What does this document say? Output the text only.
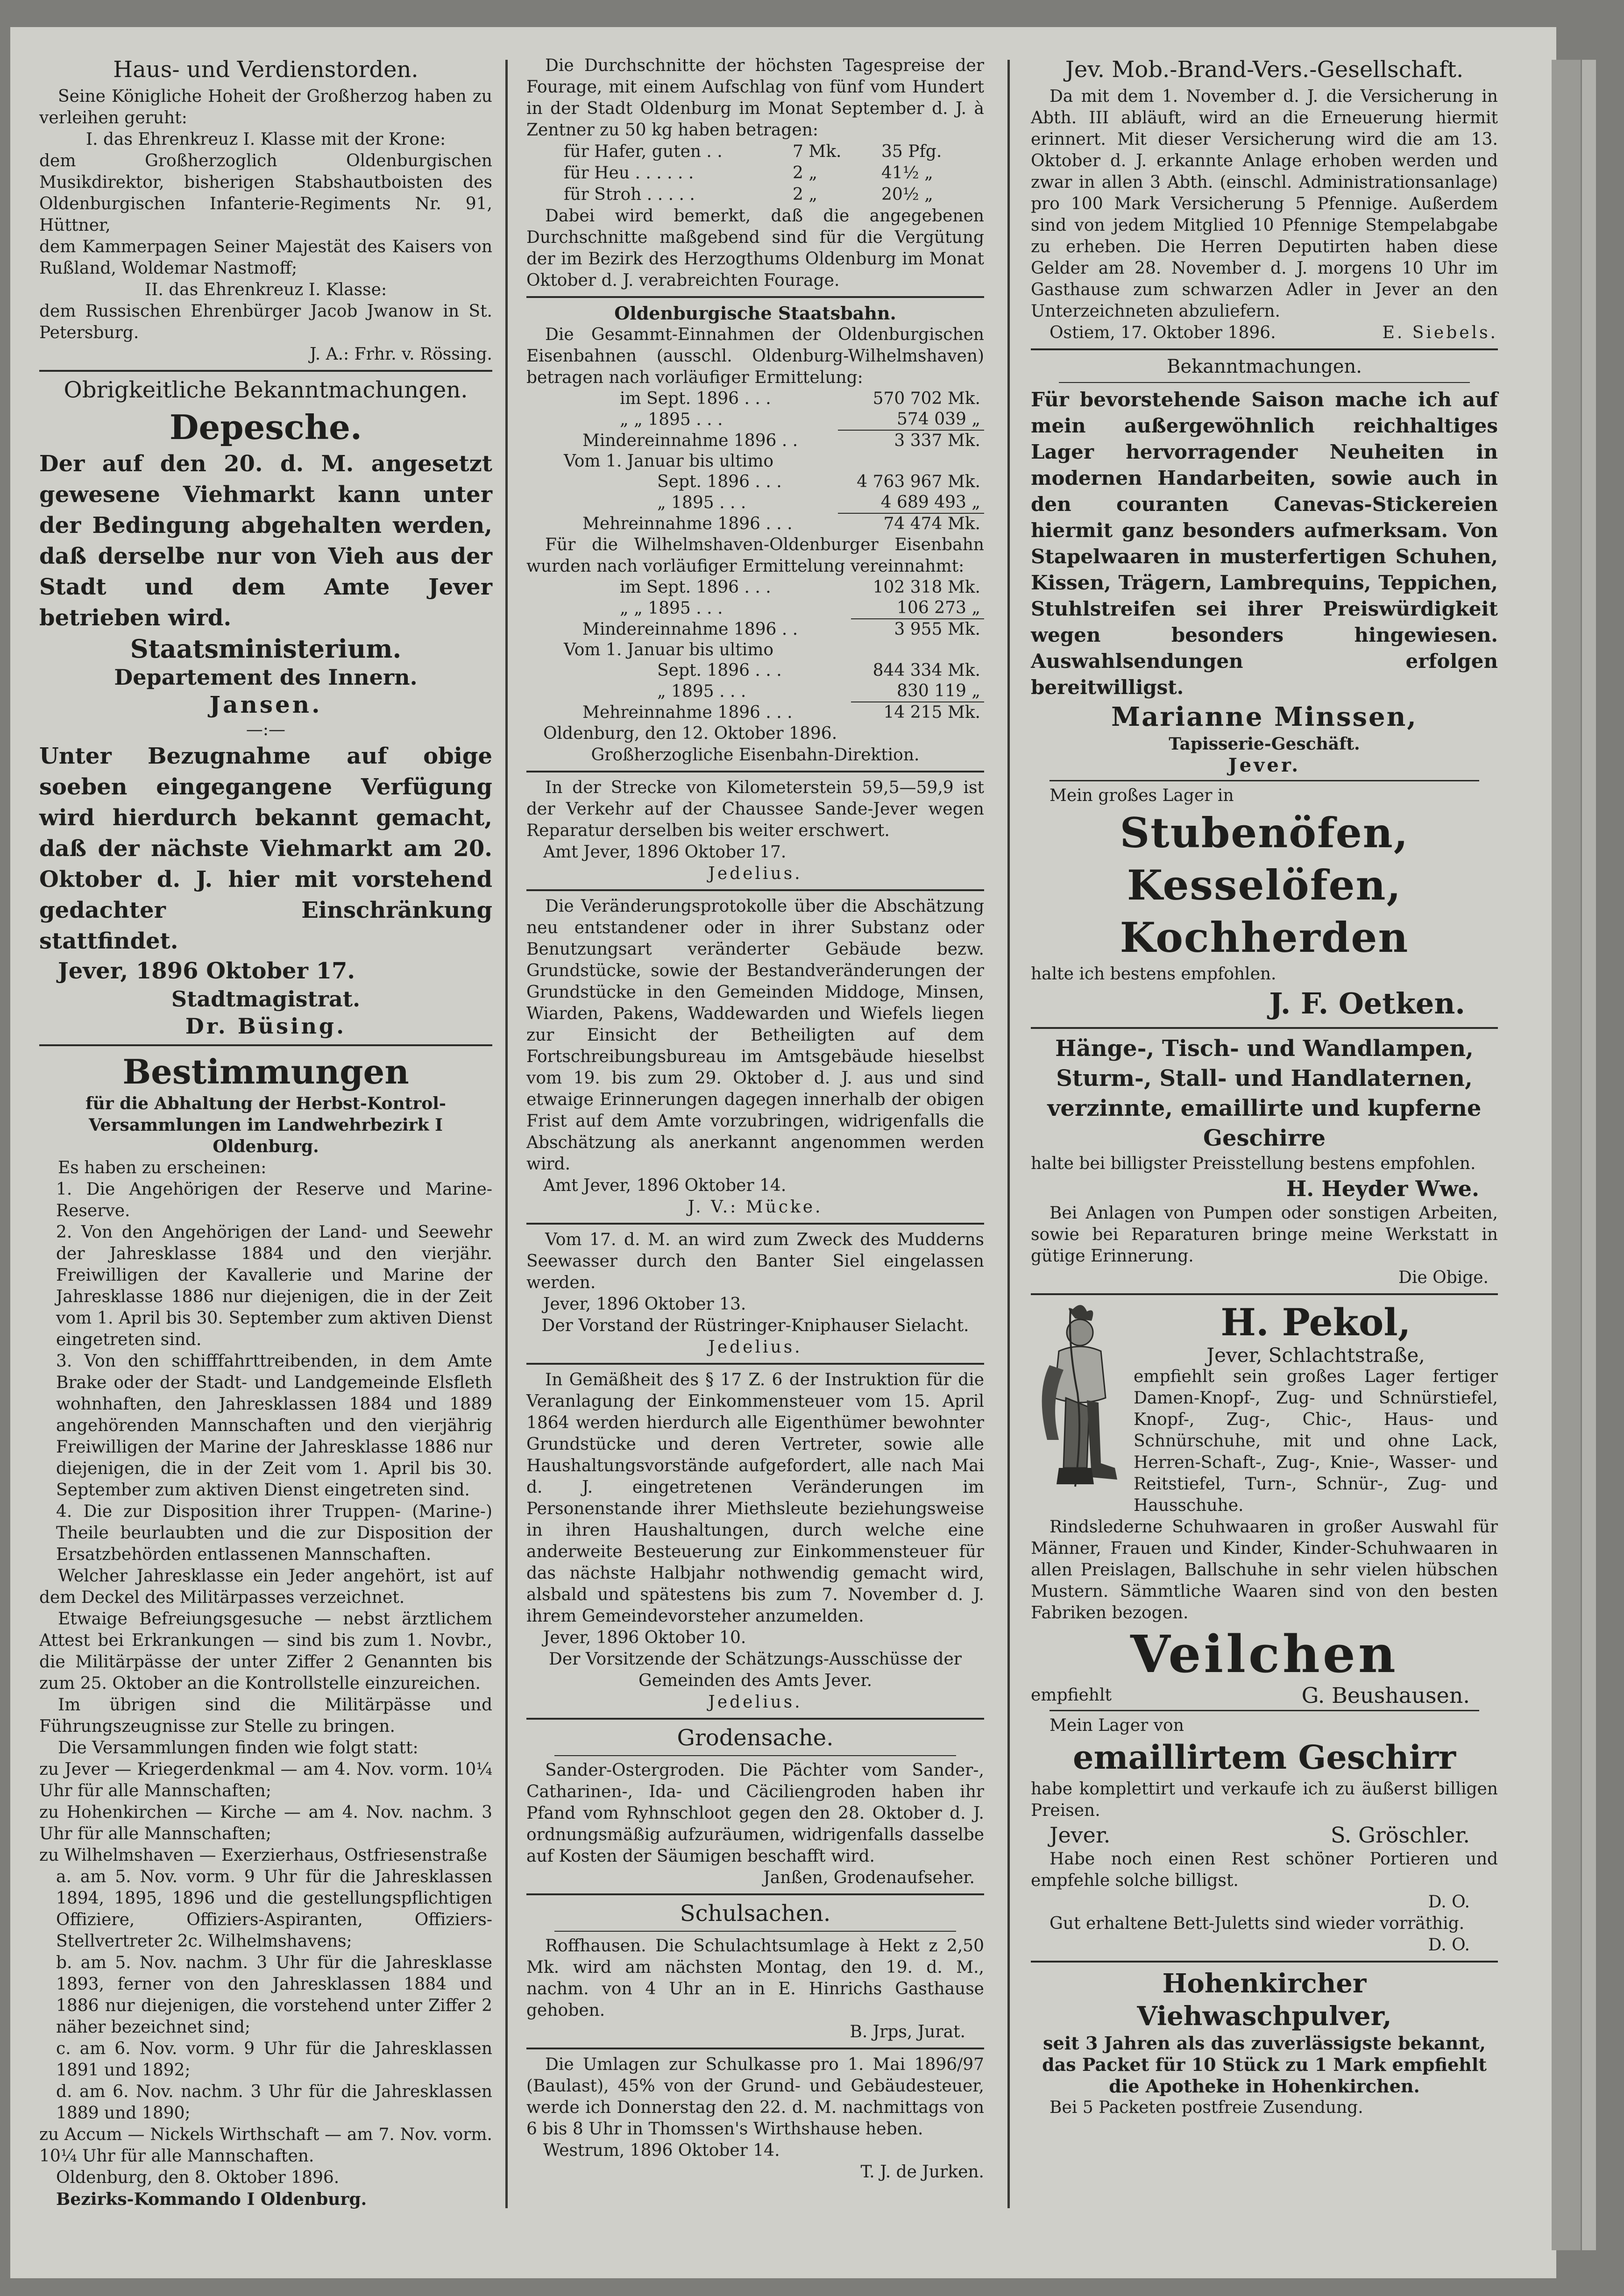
Haus- und Verdienstorden.

Seine Königliche Hoheit der Großherzog haben zu verleihen geruht:

I. das Ehrenkreuz I. Klasse mit der Krone:

dem Großherzoglich Oldenburgischen Musikdirektor, bisherigen Stabshautboisten des Oldenburgischen Infanterie-Regiments Nr. 91, Hüttner,

dem Kammerpagen Seiner Majestät des Kaisers von Rußland, Woldemar Nastmoff;

II. das Ehrenkreuz I. Klasse:

dem Russischen Ehrenbürger Jacob Jwanow in St. Petersburg.

J. A.: Frhr. v. Rössing.

Obrigkeitliche Bekanntmachungen.
Depesche.

Der auf den 20. d. M. angesetzt gewesene Viehmarkt kann unter der Bedingung abgehalten werden, daß derselbe nur von Vieh aus der Stadt und dem Amte Jever betrieben wird.

Staatsministerium.
Departement des Innern.
Jansen.
—:—

Unter Bezugnahme auf obige soeben eingegangene Verfügung wird hierdurch bekannt gemacht, daß der nächste Viehmarkt am 20. Oktober d. J. hier mit vorstehend gedachter Einschränkung stattfindet.

Jever, 1896 Oktober 17.

Stadtmagistrat.
Dr. Büsing.
Bestimmungen

für die Abhaltung der Herbst-Kontrol-Versammlungen im Landwehrbezirk I Oldenburg.

Es haben zu erscheinen:

1. Die Angehörigen der Reserve und Marine-Reserve.

2. Von den Angehörigen der Land- und Seewehr der Jahresklasse 1884 und den vierjähr. Freiwilligen der Kavallerie und Marine der Jahresklasse 1886 nur diejenigen, die in der Zeit vom 1. April bis 30. September zum aktiven Dienst eingetreten sind.

3. Von den schifffahrttreibenden, in dem Amte Brake oder der Stadt- und Landgemeinde Elsfleth wohnhaften, den Jahresklassen 1884 und 1889 angehörenden Mannschaften und den vierjährig Freiwilligen der Marine der Jahresklasse 1886 nur diejenigen, die in der Zeit vom 1. April bis 30. September zum aktiven Dienst eingetreten sind.

4. Die zur Disposition ihrer Truppen- (Marine-) Theile beurlaubten und die zur Disposition der Ersatzbehörden entlassenen Mannschaften.

Welcher Jahresklasse ein Jeder angehört, ist auf dem Deckel des Militärpasses verzeichnet.

Etwaige Befreiungsgesuche — nebst ärztlichem Attest bei Erkrankungen — sind bis zum 1. Novbr., die Militärpässe der unter Ziffer 2 Genannten bis zum 25. Oktober an die Kontrollstelle einzureichen.

Im übrigen sind die Militärpässe und Führungszeugnisse zur Stelle zu bringen.

Die Versammlungen finden wie folgt statt:

zu Jever — Kriegerdenkmal — am 4. Nov. vorm. 10¼ Uhr für alle Mannschaften;

zu Hohenkirchen — Kirche — am 4. Nov. nachm. 3 Uhr für alle Mannschaften;

zu Wilhelmshaven — Exerzierhaus, Ostfriesenstraße

a. am 5. Nov. vorm. 9 Uhr für die Jahresklassen 1894, 1895, 1896 und die gestellungspflichtigen Offiziere, Offiziers-Aspiranten, Offiziers-Stellvertreter 2c. Wilhelmshavens;

b. am 5. Nov. nachm. 3 Uhr für die Jahresklasse 1893, ferner von den Jahresklassen 1884 und 1886 nur diejenigen, die vorstehend unter Ziffer 2 näher bezeichnet sind;

c. am 6. Nov. vorm. 9 Uhr für die Jahresklassen 1891 und 1892;

d. am 6. Nov. nachm. 3 Uhr für die Jahresklassen 1889 und 1890;

zu Accum — Nickels Wirthschaft — am 7. Nov. vorm. 10¼ Uhr für alle Mannschaften.

Oldenburg, den 8. Oktober 1896.

Bezirks-Kommando I Oldenburg.

Die Durchschnitte der höchsten Tagespreise der Fourage, mit einem Aufschlag von fünf vom Hundert in der Stadt Oldenburg im Monat September d. J. à Zentner zu 50 kg haben betragen:

für Hafer, guten . .	7 Mk.	35 Pfg.
für Heu . . . . . .	2 „	41½ „
für Stroh . . . . .	2 „	20½ „

Dabei wird bemerkt, daß die angegebenen Durchschnitte maßgebend sind für die Vergütung der im Bezirk des Herzogthums Oldenburg im Monat Oktober d. J. verabreichten Fourage.

Oldenburgische Staatsbahn.

Die Gesammt-Einnahmen der Oldenburgischen Eisenbahnen (ausschl. Oldenburg-Wilhelmshaven) betragen nach vorläufiger Ermittelung:

im Sept. 1896 . . .	570 702 Mk.
„ „ 1895 . . .	574 039 „
Mindereinnahme 1896 . .	3 337 Mk.
Vom 1. Januar bis ultimo	
Sept. 1896 . . .	4 763 967 Mk.
„ 1895 . . .	4 689 493 „
Mehreinnahme 1896 . . .	74 474 Mk.

Für die Wilhelmshaven-Oldenburger Eisenbahn wurden nach vorläufiger Ermittelung vereinnahmt:

im Sept. 1896 . . .	102 318 Mk.
„ „ 1895 . . .	106 273 „
Mindereinnahme 1896 . .	3 955 Mk.
Vom 1. Januar bis ultimo	
Sept. 1896 . . .	844 334 Mk.
„ 1895 . . .	830 119 „
Mehreinnahme 1896 . . .	14 215 Mk.

Oldenburg, den 12. Oktober 1896.

Großherzogliche Eisenbahn-Direktion.

In der Strecke von Kilometerstein 59,5—59,9 ist der Verkehr auf der Chaussee Sande-Jever wegen Reparatur derselben bis weiter erschwert.

Amt Jever, 1896 Oktober 17.

Jedelius.

Die Veränderungsprotokolle über die Abschätzung neu entstandener oder in ihrer Substanz oder Benutzungsart veränderter Gebäude bezw. Grundstücke, sowie der Bestandveränderungen der Grundstücke in den Gemeinden Middoge, Minsen, Wiarden, Pakens, Waddewarden und Wiefels liegen zur Einsicht der Betheiligten auf dem Fortschreibungsbureau im Amtsgebäude hieselbst vom 19. bis zum 29. Oktober d. J. aus und sind etwaige Erinnerungen dagegen innerhalb der obigen Frist auf dem Amte vorzubringen, widrigenfalls die Abschätzung als anerkannt angenommen werden wird.

Amt Jever, 1896 Oktober 14.

J. V.: Mücke.

Vom 17. d. M. an wird zum Zweck des Mudderns Seewasser durch den Banter Siel eingelassen werden.

Jever, 1896 Oktober 13.

Der Vorstand der Rüstringer-Kniphauser Sielacht.

Jedelius.

In Gemäßheit des § 17 Z. 6 der Instruktion für die Veranlagung der Einkommensteuer vom 15. April 1864 werden hierdurch alle Eigenthümer bewohnter Grundstücke und deren Vertreter, sowie alle Haushaltungsvorstände aufgefordert, alle nach Mai d. J. eingetretenen Veränderungen im Personenstande ihrer Miethsleute beziehungsweise in ihren Haushaltungen, durch welche eine anderweite Besteuerung zur Einkommensteuer für das nächste Halbjahr nothwendig gemacht wird, alsbald und spätestens bis zum 7. November d. J. ihrem Gemeindevorsteher anzumelden.

Jever, 1896 Oktober 10.

Der Vorsitzende der Schätzungs-Ausschüsse der Gemeinden des Amts Jever.

Jedelius.

Grodensache.

Sander-Ostergroden. Die Pächter vom Sander-, Catharinen-, Ida- und Cäciliengroden haben ihr Pfand vom Ryhnschloot gegen den 28. Oktober d. J. ordnungsmäßig aufzuräumen, widrigenfalls dasselbe auf Kosten der Säumigen beschafft wird.

Janßen, Grodenaufseher.

Schulsachen.

Roffhausen. Die Schulachtsumlage à Hekt z 2,50 Mk. wird am nächsten Montag, den 19. d. M., nachm. von 4 Uhr an in E. Hinrichs Gasthause gehoben.

B. Jrps, Jurat.

Die Umlagen zur Schulkasse pro 1. Mai 1896/97 (Baulast), 45% von der Grund- und Gebäudesteuer, werde ich Donnerstag den 22. d. M. nachmittags von 6 bis 8 Uhr in Thomssen's Wirthshause heben.

Westrum, 1896 Oktober 14.

T. J. de Jurken.

Jev. Mob.-Brand-Vers.-Gesellschaft.

Da mit dem 1. November d. J. die Versicherung in Abth. III abläuft, wird an die Erneuerung hiermit erinnert. Mit dieser Versicherung wird die am 13. Oktober d. J. erkannte Anlage erhoben werden und zwar in allen 3 Abth. (einschl. Administrationsanlage) pro 100 Mark Versicherung 5 Pfennige. Außerdem sind von jedem Mitglied 10 Pfennige Stempelabgabe zu erheben. Die Herren Deputirten haben diese Gelder am 28. November d. J. morgens 10 Uhr im Gasthause zum schwarzen Adler in Jever an den Unterzeichneten abzuliefern.

Ostiem, 17. Oktober 1896.	E. Siebels.
Bekanntmachungen.

Für bevorstehende Saison mache ich auf mein außergewöhnlich reichhaltiges Lager hervorragender Neuheiten in modernen Handarbeiten, sowie auch in den couranten Canevas-Stickereien hiermit ganz besonders aufmerksam. Von Stapelwaaren in musterfertigen Schuhen, Kissen, Trägern, Lambrequins, Teppichen, Stuhlstreifen sei ihrer Preiswürdigkeit wegen besonders hingewiesen. Auswahlsendungen erfolgen bereitwilligst.

Marianne Minssen,
Tapisserie-Geschäft.
Jever.

Mein großes Lager in

Stubenöfen,
Kesselöfen,
Kochherden

halte ich bestens empfohlen.

J. F. Oetken.

Hänge-, Tisch- und Wandlampen, Sturm-, Stall- und Handlaternen, verzinnte, emaillirte und kupferne Geschirre

halte bei billigster Preisstellung bestens empfohlen.

H. Heyder Wwe.

Bei Anlagen von Pumpen oder sonstigen Arbeiten, sowie bei Reparaturen bringe meine Werkstatt in gütige Erinnerung.

Die Obige.

H. Pekol,
Jever, Schlachtstraße,

empfiehlt sein großes Lager fertiger Damen-Knopf-, Zug- und Schnürstiefel, Knopf-, Zug-, Chic-, Haus- und Schnürschuhe, mit und ohne Lack, Herren-Schaft-, Zug-, Knie-, Wasser- und Reitstiefel, Turn-, Schnür-, Zug- und Hausschuhe.

Rindslederne Schuhwaaren in großer Auswahl für Männer, Frauen und Kinder, Kinder-Schuhwaaren in allen Preislagen, Ballschuhe in sehr vielen hübschen Mustern. Sämmtliche Waaren sind von den besten Fabriken bezogen.

Veilchen
empfiehlt	G. Beushausen.

Mein Lager von

emaillirtem Geschirr

habe komplettirt und verkaufe ich zu äußerst billigen Preisen.

Jever.	S. Gröschler.

Habe noch einen Rest schöner Portieren und empfehle solche billigst.

D. O.

Gut erhaltene Bett-Juletts sind wieder vorräthig.

D. O.

Hohenkircher Viehwaschpulver,

seit 3 Jahren als das zuverlässigste bekannt, das Packet für 10 Stück zu 1 Mark empfiehlt die Apotheke in Hohenkirchen.

Bei 5 Packeten postfreie Zusendung.
